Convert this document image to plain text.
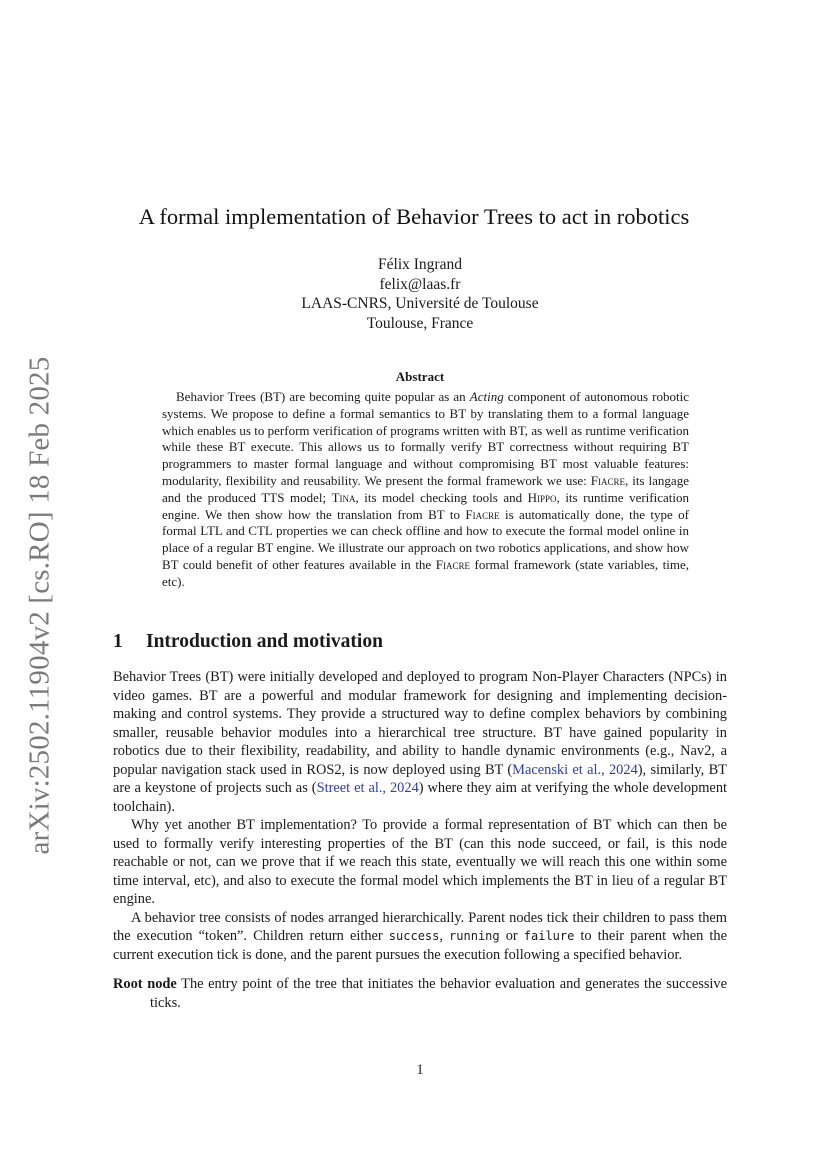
arXiv:2502.11904v2 [cs.RO] 18 Feb 2025
A formal implementation of Behavior Trees to act in robotics
Félix Ingrand
felix@laas.fr
LAAS-CNRS, Université de Toulouse
Toulouse, France
Abstract

Behavior Trees (BT) are becoming quite popular as an Acting component of autonomous robotic systems. We propose to define a formal semantics to BT by translating them to a formal language which enables us to perform verification of programs written with BT, as well as runtime verification while these BT execute. This allows us to formally verify BT correctness without requiring BT programmers to master formal language and without compromising BT most valuable features: modularity, flexibility and reusability. We present the formal framework we use: Fiacre, its langage and the produced TTS model; Tina, its model checking tools and Hippo, its runtime verification engine. We then show how the translation from BT to Fiacre is automatically done, the type of formal LTL and CTL properties we can check offline and how to execute the formal model online in place of a regular BT engine. We illustrate our approach on two robotics applications, and show how BT could benefit of other features available in the Fiacre formal framework (state variables, time, etc).

1 Introduction and motivation

Behavior Trees (BT) were initially developed and deployed to program Non-Player Characters (NPCs) in video games. BT are a powerful and modular framework for designing and implementing decision-making and control systems. They provide a structured way to define complex behaviors by combining smaller, reusable behavior modules into a hierarchical tree structure. BT have gained popularity in robotics due to their flexibility, readability, and ability to handle dynamic environments (e.g., Nav2, a popular navigation stack used in ROS2, is now deployed using BT (Macenski et al., 2024), similarly, BT are a keystone of projects such as (Street et al., 2024) where they aim at verifying the whole development toolchain).

Why yet another BT implementation? To provide a formal representation of BT which can then be used to formally verify interesting properties of the BT (can this node succeed, or fail, is this node reachable or not, can we prove that if we reach this state, eventually we will reach this one within some time interval, etc), and also to execute the formal model which implements the BT in lieu of a regular BT engine.

A behavior tree consists of nodes arranged hierarchically. Parent nodes tick their children to pass them the execution “token”. Children return either success, running or failure to their parent when the current execution tick is done, and the parent pursues the execution following a specified behavior.

Root node The entry point of the tree that initiates the behavior evaluation and generates the successive ticks.

1
